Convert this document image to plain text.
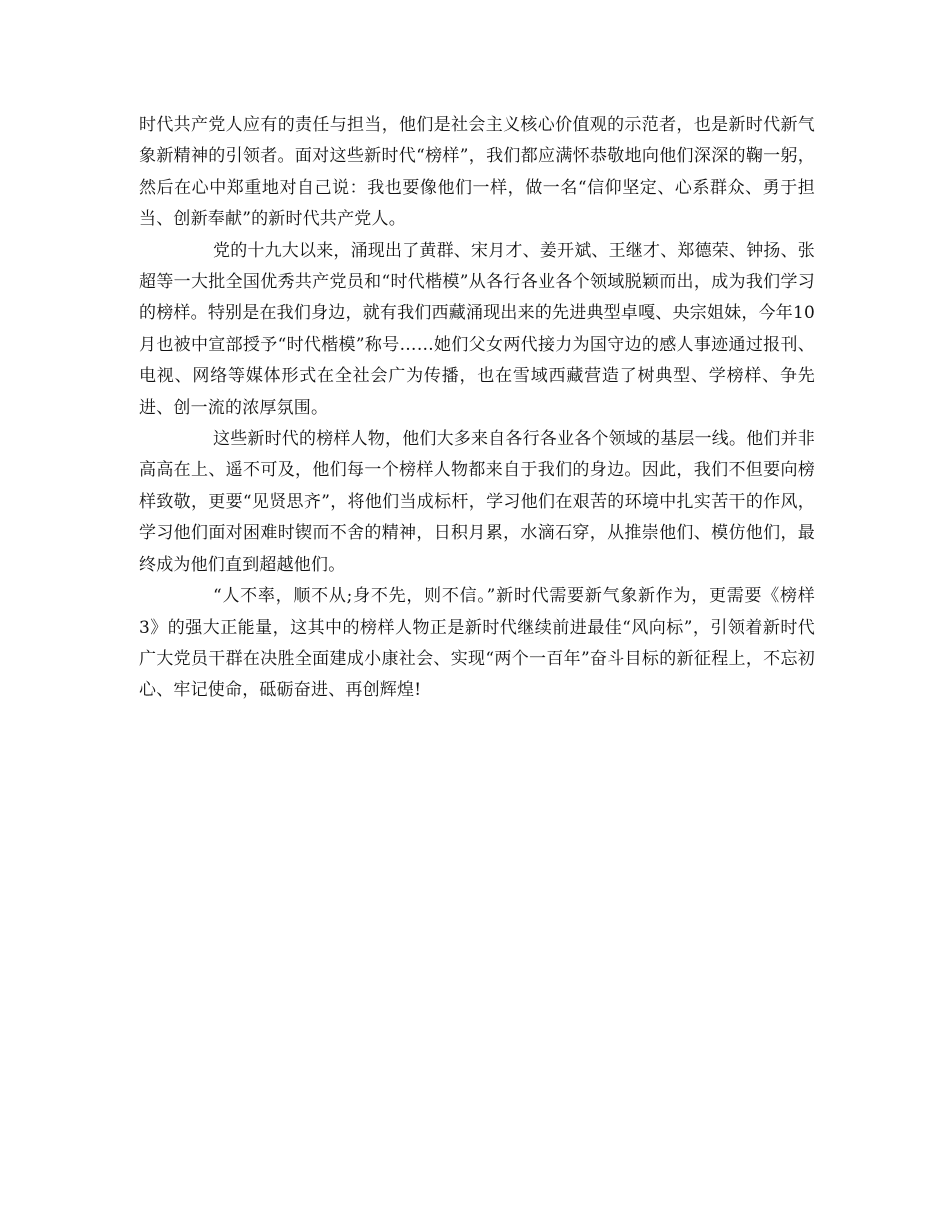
时代共产党人应有的责任与担当，他们是社会主义核心价值观的示范者，也是新时代新气象新精神的引领者。面对这些新时代“榜样”，我们都应满怀恭敬地向他们深深的鞠一躬，然后在心中郑重地对自己说：我也要像他们一样，做一名“信仰坚定、心系群众、勇于担当、创新奉献”的新时代共产党人。

党的十九大以来，涌现出了黄群、宋月才、姜开斌、王继才、郑德荣、钟扬、张超等一大批全国优秀共产党员和“时代楷模”从各行各业各个领域脱颖而出，成为我们学习的榜样。特别是在我们身边，就有我们西藏涌现出来的先进典型卓嘎、央宗姐妹，今年10月也被中宣部授予“时代楷模”称号……她们父女两代接力为国守边的感人事迹通过报刊、电视、网络等媒体形式在全社会广为传播，也在雪域西藏营造了树典型、学榜样、争先进、创一流的浓厚氛围。

这些新时代的榜样人物，他们大多来自各行各业各个领域的基层一线。他们并非高高在上、遥不可及，他们每一个榜样人物都来自于我们的身边。因此，我们不但要向榜样致敬，更要“见贤思齐”，将他们当成标杆，学习他们在艰苦的环境中扎实苦干的作风，学习他们面对困难时锲而不舍的精神，日积月累，水滴石穿，从推崇他们、模仿他们，最终成为他们直到超越他们。

“人不率，顺不从;身不先，则不信。”新时代需要新气象新作为，更需要《榜样3》的强大正能量，这其中的榜样人物正是新时代继续前进最佳“风向标”，引领着新时代广大党员干群在决胜全面建成小康社会、实现“两个一百年”奋斗目标的新征程上，不忘初心、牢记使命，砥砺奋进、再创辉煌!
